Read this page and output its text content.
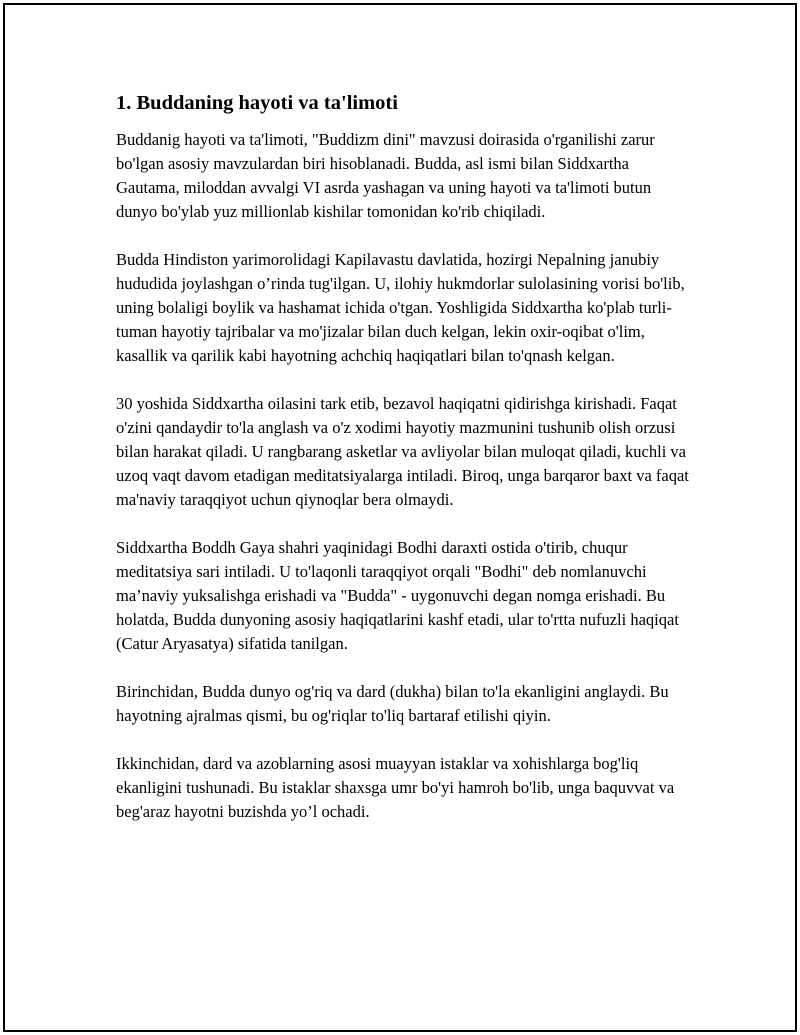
1. Buddaning hayoti va ta'limoti

Buddanig hayoti va ta'limoti, "Buddizm dini" mavzusi doirasida o'rganilishi zarur bo'lgan asosiy mavzulardan biri hisoblanadi. Budda, asl ismi bilan Siddxartha Gautama, miloddan avvalgi VI asrda yashagan va uning hayoti va ta'limoti butun dunyo bo'ylab yuz millionlab kishilar tomonidan ko'rib chiqiladi.

Budda Hindiston yarimorolidagi Kapilavastu davlatida, hozirgi Nepalning janubiy hududida joylashgan o’rinda tug'ilgan. U, ilohiy hukmdorlar sulolasining vorisi bo'lib, uning bolaligi boylik va hashamat ichida o'tgan. Yoshligida Siddxartha ko'plab turli-tuman hayotiy tajribalar va mo'jizalar bilan duch kelgan, lekin oxir-oqibat o'lim, kasallik va qarilik kabi hayotning achchiq haqiqatlari bilan to'qnash kelgan.

30 yoshida Siddxartha oilasini tark etib, bezavol haqiqatni qidirishga kirishadi. Faqat o'zini qandaydir to'la anglash va o'z xodimi hayotiy mazmunini tushunib olish orzusi bilan harakat qiladi. U rangbarang asketlar va avliyolar bilan muloqat qiladi, kuchli va uzoq vaqt davom etadigan meditatsiyalarga intiladi. Biroq, unga barqaror baxt va faqat ma'naviy taraqqiyot uchun qiynoqlar bera olmaydi.

Siddxartha Boddh Gaya shahri yaqinidagi Bodhi daraxti ostida o'tirib, chuqur meditatsiya sari intiladi. U to'laqonli taraqqiyot orqali "Bodhi" deb nomlanuvchi ma’naviy yuksalishga erishadi va "Budda" - uygonuvchi degan nomga erishadi. Bu holatda, Budda dunyoning asosiy haqiqatlarini kashf etadi, ular to'rtta nufuzli haqiqat (Catur Aryasatya) sifatida tanilgan.

Birinchidan, Budda dunyo og'riq va dard (dukha) bilan to'la ekanligini anglaydi. Bu hayotning ajralmas qismi, bu og'riqlar to'liq bartaraf etilishi qiyin.

Ikkinchidan, dard va azoblarning asosi muayyan istaklar va xohishlarga bog'liq ekanligini tushunadi. Bu istaklar shaxsga umr bo'yi hamroh bo'lib, unga baquvvat va beg'araz hayotni buzishda yo’l ochadi.
